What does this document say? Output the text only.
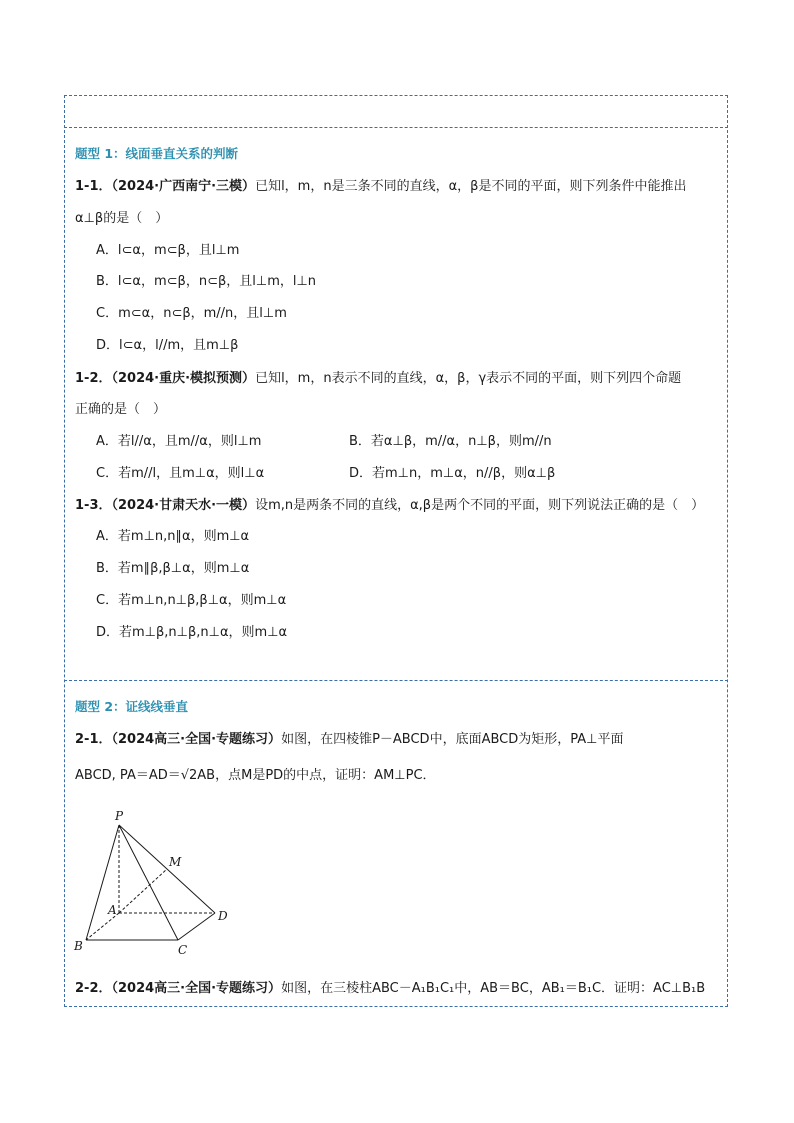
题型 1：线面垂直关系的判断
1-1．（2024·广西南宁·三模）已知l，m，n是三条不同的直线，α，β是不同的平面，则下列条件中能推出
α⊥β的是（　）
A．l⊂α，m⊂β，且l⊥m
B．l⊂α，m⊂β，n⊂β，且l⊥m，l⊥n
C．m⊂α，n⊂β，m//n，且l⊥m
D．l⊂α，l//m，且m⊥β
1-2．（2024·重庆·模拟预测）已知l，m，n表示不同的直线，α，β，γ表示不同的平面，则下列四个命题
正确的是（　）
A．若l//α，且m//α，则l⊥m	B．若α⊥β，m//α，n⊥β，则m//n
C．若m//l，且m⊥α，则l⊥α	D．若m⊥n，m⊥α，n//β，则α⊥β
1-3．（2024·甘肃天水·一模）设m,n是两条不同的直线，α,β是两个不同的平面，则下列说法正确的是（　）
A．若m⊥n,n∥α，则m⊥α
B．若m∥β,β⊥α，则m⊥α
C．若m⊥n,n⊥β,β⊥α，则m⊥α
D．若m⊥β,n⊥β,n⊥α，则m⊥α
题型 2：证线线垂直
2-1．（2024高三·全国·专题练习）如图，在四棱锥P－ABCD中，底面ABCD为矩形，PA⊥平面
ABCD, PA＝AD＝√2AB，点M是PD的中点，证明：AM⊥PC．
P
M
A	D
B	C
2-2．（2024高三·全国·专题练习）如图，在三棱柱ABC－A₁B₁C₁中，AB＝BC，AB₁＝B₁C．证明：AC⊥B₁B
